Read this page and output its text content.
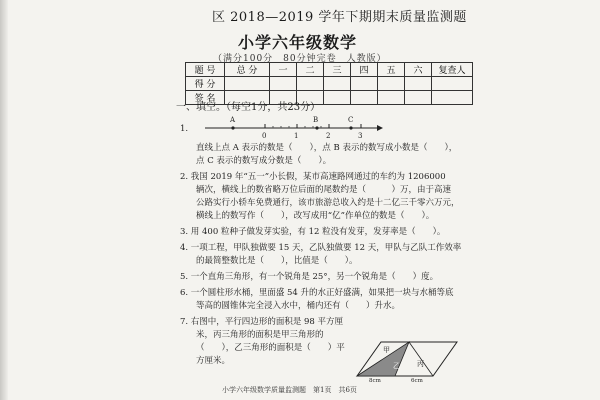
区 2018—2019 学年下期期末质量监测题
小学六年级数学
（满分100分　80分钟完卷　人教版）
题 号	总 分	一	二	三	四	五	六	复查人
得 分								
签 名								
一、填空。（每空1分，共23分）
1.
A	B	C
0	1	2	3
直线上点 A 表示的数是（　　），点 B 表示的数写成小数是（　　），
点 C 表示的数写成分数是（　　）。
2. 我国 2019 年“五一”小长假，某市高速路网通过的车约为 1206000
辆次，横线上的数省略万位后面的尾数约是（　　　）万，由于高速
公路实行小轿车免费通行，该市旅游总收入约是十二亿三千零六万元，
横线上的数写作（　　），改写成用“亿”作单位的数是（　　）。
3. 用 400 粒种子做发芽实验，有 12 粒没有发芽，发芽率是（　　）。
4. 一项工程，甲队独做要 15 天，乙队独做要 12 天，甲队与乙队工作效率
的最简整数比是（　　），比值是（　　）。
5. 一个直角三角形，有一个锐角是 25°，另一个锐角是（　　）度。
6. 一个圆柱形水桶，里面盛 54 升的水正好盛满，如果把一块与水桶等底
等高的圆锥体完全浸入水中，桶内还有（　　）升水。
7. 右图中，平行四边形的面积是 98 平方厘
米，丙三角形的面积是甲三角形的
（　　），乙三角形的面积是（　　）平
方厘米。
甲
乙 丙
8cm	6cm
小学六年级数学质量监测题　第1页　共6页
